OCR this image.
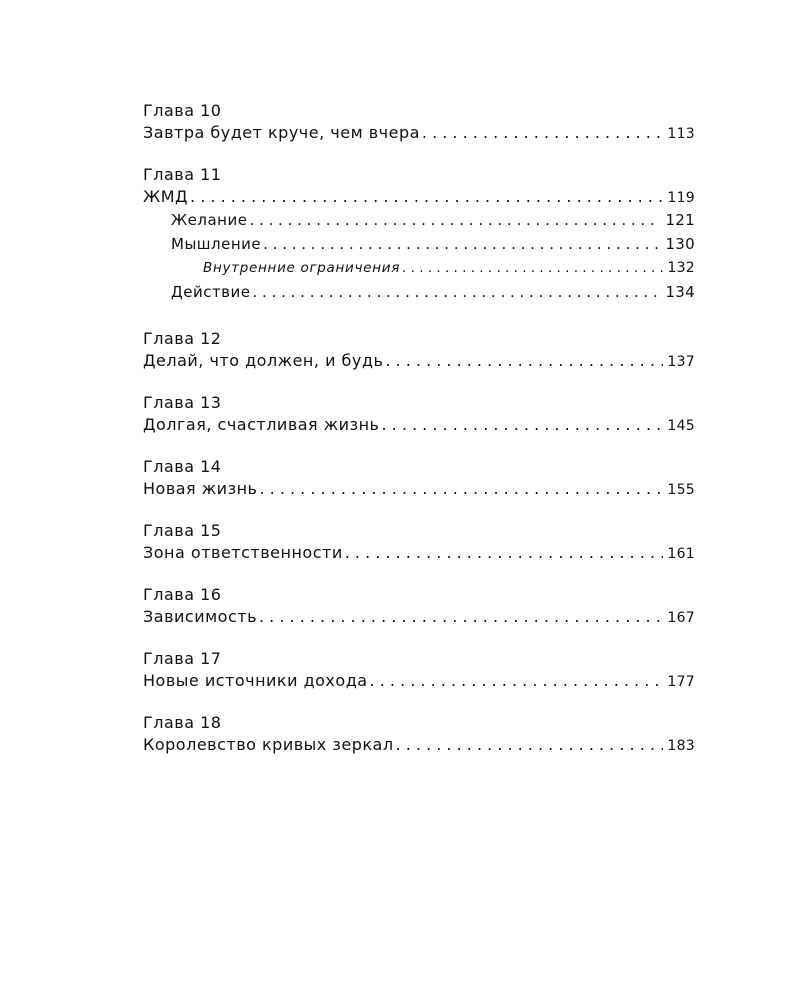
Глава 10
Завтра будет круче, чем вчера . . .	113
Глава 11
ЖМД . . .	119
Желание . . .	121
Мышление . . .	130
Внутренние ограничения . . .	132
Действие . . .	134
Глава 12
Делай, что должен, и будь . . .	137
Глава 13
Долгая, счастливая жизнь . . .	145
Глава 14
Новая жизнь . . .	155
Глава 15
Зона ответственности . . .	161
Глава 16
Зависимость . . .	167
Глава 17
Новые источники дохода . . .	177
Глава 18
Королевство кривых зеркал . . .	183
